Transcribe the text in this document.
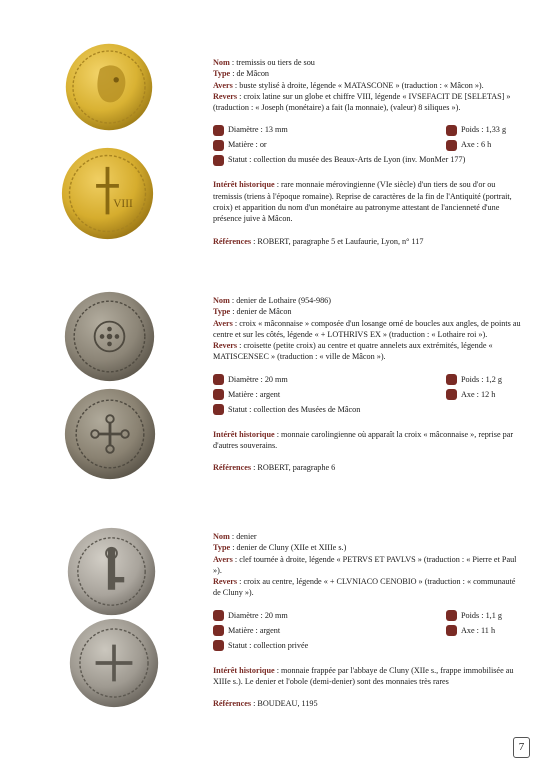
VIII

Nom : tremissis ou tiers de sou

Type : de Mâcon

Avers : buste stylisé à droite, légende « MATASCONE » (traduction : « Mâcon »).

Revers : croix latine sur un globe et chiffre VIII, légende « IVSEFACIT DE [SELETAS] » (traduction : « Joseph (monétaire) a fait (la monnaie), (valeur) 8 siliques »).

Diamètre : 13 mm	Poids : 1,33 g
Matière : or	Axe : 6 h
Statut : collection du musée des Beaux-Arts de Lyon (inv. MonMer 177)

Intérêt historique : rare monnaie mérovingienne (VIe siècle) d'un tiers de sou d'or ou tremissis (triens à l'époque romaine). Reprise de caractères de la fin de l'Antiquité (portrait, croix) et apparition du nom d'un monétaire au patronyme attestant de l'ancienneté d'une présence juive à Mâcon.

Références : ROBERT, paragraphe 5 et Laufaurie, Lyon, n° 117

Nom : denier de Lothaire (954-986)

Type : denier de Mâcon

Avers : croix « mâconnaise » composée d'un losange orné de boucles aux angles, de points au centre et sur les côtés, légende « + LOTHRIVS EX » (traduction : « Lothaire roi »).

Revers : croisette (petite croix) au centre et quatre annelets aux extrémités, légende « MATISCENSEC » (traduction : « ville de Mâcon »).

Diamètre : 20 mm	Poids : 1,2 g
Matière : argent	Axe : 12 h
Statut : collection des Musées de Mâcon

Intérêt historique : monnaie carolingienne où apparaît la croix « mâconnaise », reprise par d'autres souverains.

Références : ROBERT, paragraphe 6

Nom : denier

Type : denier de Cluny (XIIe et XIIIe s.)

Avers : clef tournée à droite, légende « PETRVS ET PAVLVS » (traduction : « Pierre et Paul »).

Revers : croix au centre, légende « + CLVNIACO CENOBIO » (traduction : « communauté de Cluny »).

Diamètre : 20 mm	Poids : 1,1 g
Matière : argent	Axe : 11 h
Statut : collection privée

Intérêt historique : monnaie frappée par l'abbaye de Cluny (XIIe s., frappe immobilisée au XIIIe s.). Le denier et l'obole (demi-denier) sont des monnaies très rares

Références : BOUDEAU, 1195

7
